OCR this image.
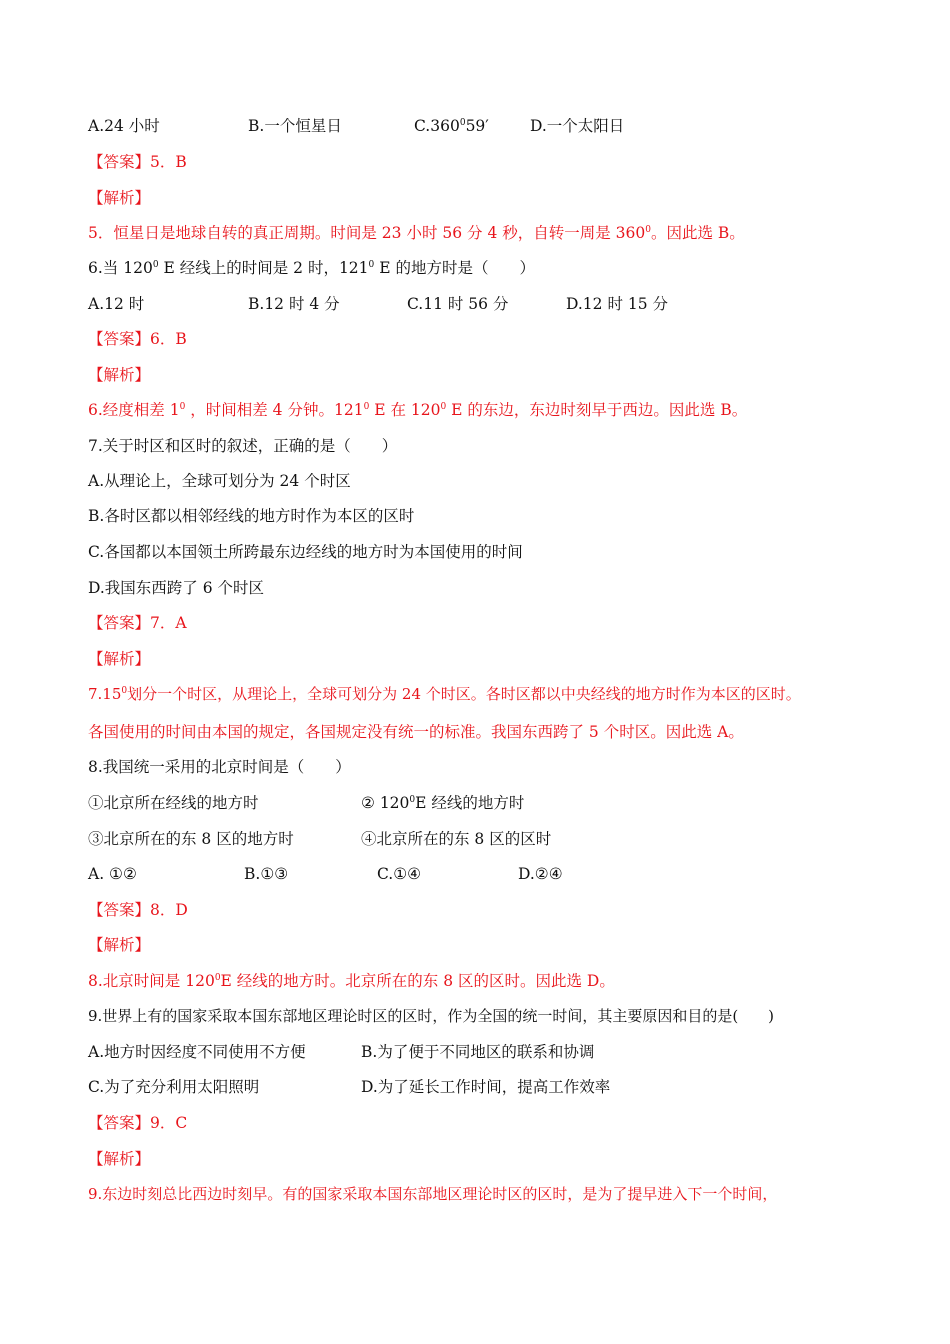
A.24 小时	B.一个恒星日	C.360$^0$59′	D.一个太阳日
【答案】5．B
【解析】
5．恒星日是地球自转的真正周期。时间是 23 小时 56 分 4 秒，自转一周是 $360^0$。因此选 B。
6.当 $120^0$ E 经线上的时间是 2 时，$121^0$ E 的地方时是（　　）
A.12 时	B.12 时 4 分	C.11 时 56 分	D.12 时 15 分
【答案】6．B
【解析】
6.经度相差 $1^0$ ，时间相差 4 分钟。$121^0$ E 在 $120^0$ E 的东边，东边时刻早于西边。因此选 B。
7.关于时区和区时的叙述，正确的是（　　）
A.从理论上，全球可划分为 24 个时区
B.各时区都以相邻经线的地方时作为本区的区时
C.各国都以本国领土所跨最东边经线的地方时为本国使用的时间
D.我国东西跨了 6 个时区
【答案】7．A
【解析】
7.15$^0$划分一个时区，从理论上，全球可划分为 24 个时区。各时区都以中央经线的地方时作为本区的区时。
各国使用的时间由本国的规定，各国规定没有统一的标准。我国东西跨了 5 个时区。因此选 A。
8.我国统一采用的北京时间是（　　）
①北京所在经线的地方时	② $120^0E$ 经线的地方时
③北京所在的东 8 区的地方时	④北京所在的东 8 区的区时
A. ①②	B.①③	C.①④	D.②④
【答案】8．D
【解析】
8.北京时间是 $120^0E$ 经线的地方时。北京所在的东 8 区的区时。因此选 D。
9.世界上有的国家采取本国东部地区理论时区的区时，作为全国的统一时间，其主要原因和目的是(　　)
A.地方时因经度不同使用不方便	B.为了便于不同地区的联系和协调
C.为了充分利用太阳照明	D.为了延长工作时间，提高工作效率
【答案】9．C
【解析】
9.东边时刻总比西边时刻早。有的国家采取本国东部地区理论时区的区时，是为了提早进入下一个时间，
